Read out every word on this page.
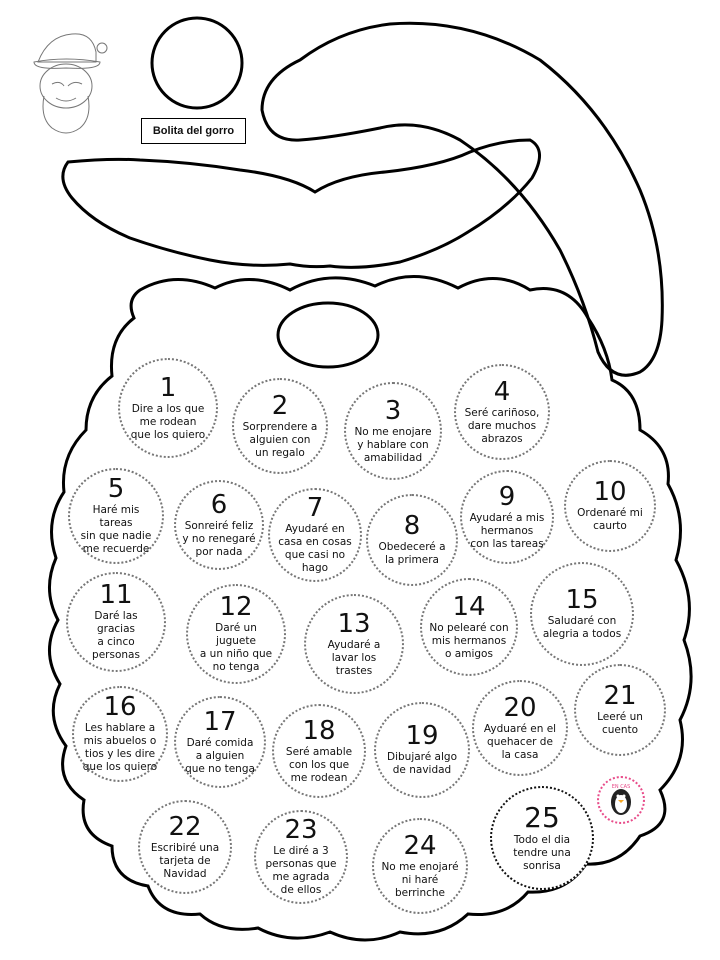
Bolita del gorro
1
Dire a los que
me rodean
que los quiero
2
Sorprendere a
alguien con
un regalo
3
No me enojare
y hablare con
amabilidad
4
Seré cariñoso,
dare muchos
abrazos
5
Haré mis tareas
sin que nadie
me recuerde
6
Sonreiré feliz
y no renegaré
por nada
7
Ayudaré en
casa en cosas
que casi no
hago
8
Obedeceré a
la primera
9
Ayudaré a mis
hermanos
con las tareas
10
Ordenaré mi
caurto
11
Daré las gracias
a cinco
personas
12
Daré un juguete
a un niño que
no tenga
13
Ayudaré a
lavar los trastes
14
No pelearé con
mis hermanos
o amigos
15
Saludaré con
alegria a todos
16
Les hablare a
mis abuelos o
tios y les dire
que los quiero
17
Daré comida
a alguien
que no tenga
18
Seré amable
con los que
me rodean
19
Dibujaré algo
de navidad
20
Ayduaré en el
quehacer de
la casa
21
Leeré un
cuento
22
Escribiré una
tarjeta de
Navidad
23
Le diré a 3
personas que
me agrada
de ellos
24
No me enojaré
ni haré
berrinche
25
Todo el dia
tendre una
sonrisa
EN CAS
